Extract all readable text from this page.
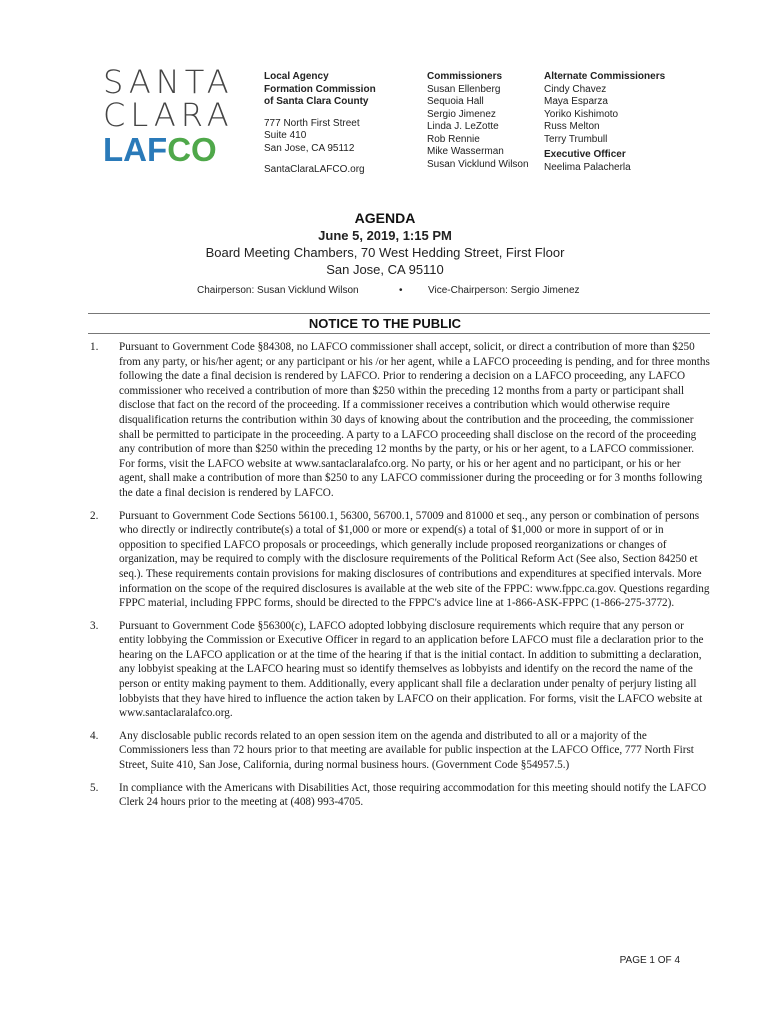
SANTA
CLARA
LAFCO
Local Agency
Formation Commission
of Santa Clara County
777 North First Street
Suite 410
San Jose, CA 95112
SantaClaraLAFCO.org
Commissioners
Susan Ellenberg
Sequoia Hall
Sergio Jimenez
Linda J. LeZotte
Rob Rennie
Mike Wasserman
Susan Vicklund Wilson
Alternate Commissioners
Cindy Chavez
Maya Esparza
Yoriko Kishimoto
Russ Melton
Terry Trumbull
Executive Officer
Neelima Palacherla
AGENDA
June 5, 2019, 1:15 PM
Board Meeting Chambers, 70 West Hedding Street, First Floor
San Jose, CA 95110
Chairperson: Susan Vicklund Wilson	•	Vice-Chairperson: Sergio Jimenez
NOTICE TO THE PUBLIC
1. Pursuant to Government Code §84308, no LAFCO commissioner shall accept, solicit, or direct a contribution of more than $250 from any party, or his/her agent; or any participant or his /or her agent, while a LAFCO proceeding is pending, and for three months following the date a final decision is rendered by LAFCO. Prior to rendering a decision on a LAFCO proceeding, any LAFCO commissioner who received a contribution of more than $250 within the preceding 12 months from a party or participant shall disclose that fact on the record of the proceeding. If a commissioner receives a contribution which would otherwise require disqualification returns the contribution within 30 days of knowing about the contribution and the proceeding, the commissioner shall be permitted to participate in the proceeding. A party to a LAFCO proceeding shall disclose on the record of the proceeding any contribution of more than $250 within the preceding 12 months by the party, or his or her agent, to a LAFCO commissioner. For forms, visit the LAFCO website at www.santaclaralafco.org. No party, or his or her agent and no participant, or his or her agent, shall make a contribution of more than $250 to any LAFCO commissioner during the proceeding or for 3 months following the date a final decision is rendered by LAFCO.
2. Pursuant to Government Code Sections 56100.1, 56300, 56700.1, 57009 and 81000 et seq., any person or combination of persons who directly or indirectly contribute(s) a total of $1,000 or more or expend(s) a total of $1,000 or more in support of or in opposition to specified LAFCO proposals or proceedings, which generally include proposed reorganizations or changes of organization, may be required to comply with the disclosure requirements of the Political Reform Act (See also, Section 84250 et seq.). These requirements contain provisions for making disclosures of contributions and expenditures at specified intervals. More information on the scope of the required disclosures is available at the web site of the FPPC: www.fppc.ca.gov. Questions regarding FPPC material, including FPPC forms, should be directed to the FPPC's advice line at 1-866-ASK-FPPC (1-866-275-3772).
3. Pursuant to Government Code §56300(c), LAFCO adopted lobbying disclosure requirements which require that any person or entity lobbying the Commission or Executive Officer in regard to an application before LAFCO must file a declaration prior to the hearing on the LAFCO application or at the time of the hearing if that is the initial contact. In addition to submitting a declaration, any lobbyist speaking at the LAFCO hearing must so identify themselves as lobbyists and identify on the record the name of the person or entity making payment to them. Additionally, every applicant shall file a declaration under penalty of perjury listing all lobbyists that they have hired to influence the action taken by LAFCO on their application. For forms, visit the LAFCO website at www.santaclaralafco.org.
4. Any disclosable public records related to an open session item on the agenda and distributed to all or a majority of the Commissioners less than 72 hours prior to that meeting are available for public inspection at the LAFCO Office, 777 North First Street, Suite 410, San Jose, California, during normal business hours. (Government Code §54957.5.)
5. In compliance with the Americans with Disabilities Act, those requiring accommodation for this meeting should notify the LAFCO Clerk 24 hours prior to the meeting at (408) 993-4705.
PAGE 1 OF 4
